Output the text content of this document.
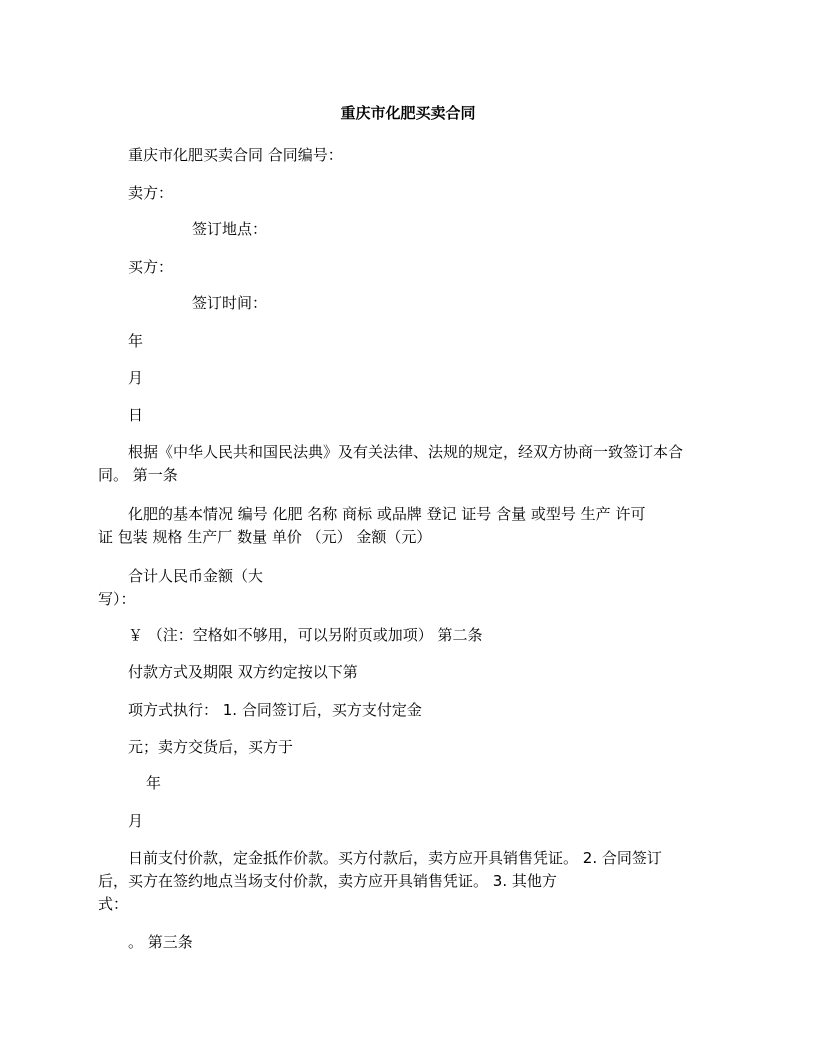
重庆市化肥买卖合同
重庆市化肥买卖合同 合同编号：
卖方：
签订地点：
买方：
签订时间：
年
月
日
根据《中华人民共和国民法典》及有关法律、法规的规定，经双方协商一致签订本合
同。 第一条
化肥的基本情况 编号 化肥 名称 商标 或品牌 登记 证号 含量 或型号 生产 许可
证 包装 规格 生产厂 数量 单价 （元） 金额（元）
合计人民币金额（大
写）：
￥ （注：空格如不够用，可以另附页或加项） 第二条
付款方式及期限 双方约定按以下第
项方式执行： 1. 合同签订后，买方支付定金
元；卖方交货后，买方于
年
月
日前支付价款，定金抵作价款。买方付款后，卖方应开具销售凭证。 2. 合同签订
后，买方在签约地点当场支付价款，卖方应开具销售凭证。 3. 其他方
式：
。 第三条
